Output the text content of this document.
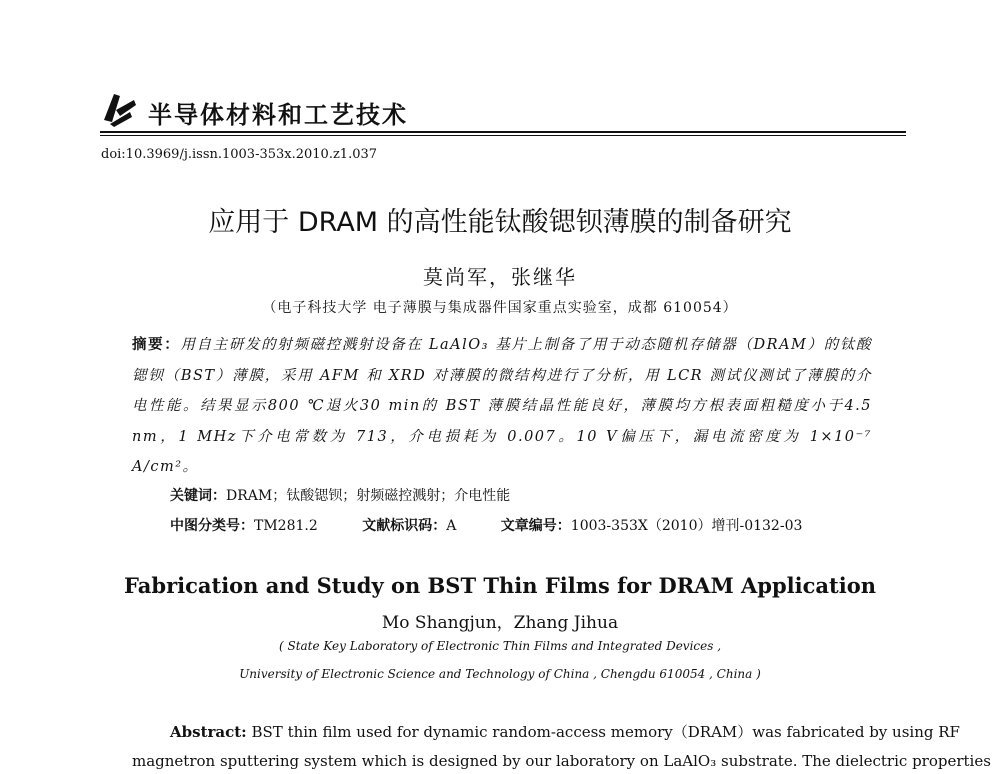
半导体材料和工艺技术
doi:10.3969/j.issn.1003-353x.2010.z1.037
应用于 DRAM 的高性能钛酸锶钡薄膜的制备研究
莫尚军，张继华
（电子科技大学 电子薄膜与集成器件国家重点实验室，成都 610054）
摘要：用自主研发的射频磁控溅射设备在 LaAlO₃ 基片上制备了用于动态随机存储器（DRAM）的钛酸锶钡（BST）薄膜，采用 AFM 和 XRD 对薄膜的微结构进行了分析，用 LCR 测试仪测试了薄膜的介电性能。结果显示800 ℃退火30 min的 BST 薄膜结晶性能良好，薄膜均方根表面粗糙度小于4.5 nm，1 MHz下介电常数为 713，介电损耗为 0.007。10 V偏压下，漏电流密度为 1×10⁻⁷ A/cm²。
关键词：DRAM；钛酸锶钡；射频磁控溅射；介电性能
中图分类号：TM281.2	文献标识码：A	文章编号：1003-353X（2010）增刊-0132-03
Fabrication and Study on BST Thin Films for DRAM Application
Mo Shangjun，Zhang Jihua
( State Key Laboratory of Electronic Thin Films and Integrated Devices ,
University of Electronic Science and Technology of China , Chengdu 610054 , China )
Abstract: BST thin film used for dynamic random-access memory（DRAM）was fabricated by using RF
magnetron sputtering system which is designed by our laboratory on LaAlO₃ substrate. The dielectric properties
